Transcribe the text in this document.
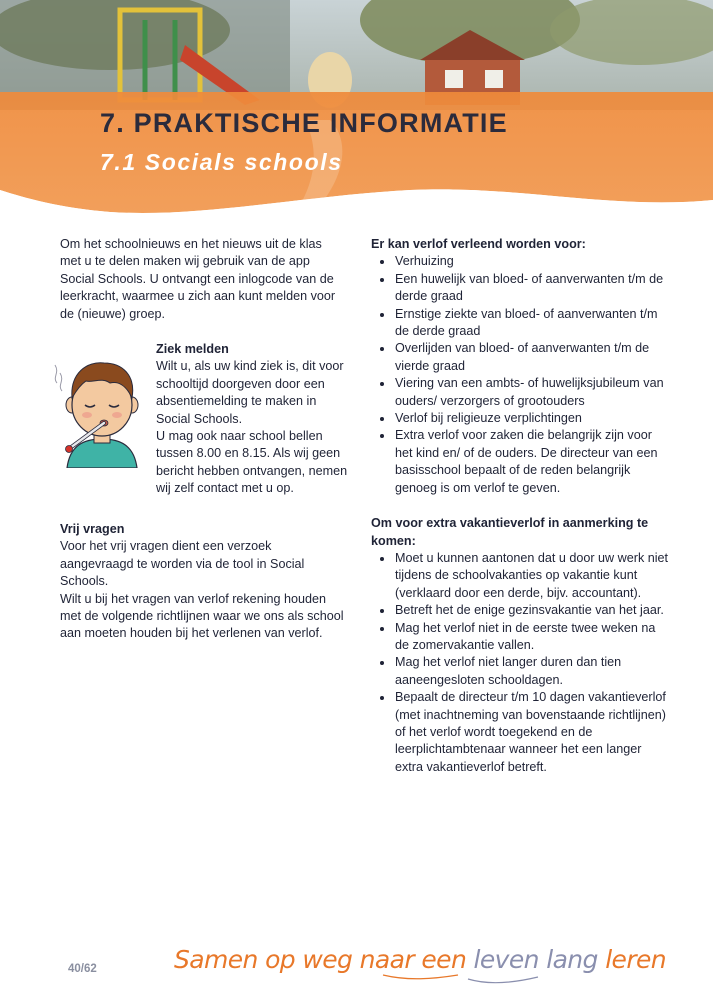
7. PRAKTISCHE INFORMATIE
7.1 Socials schools

Om het schoolnieuws en het nieuws uit de klas met u te delen maken wij gebruik van de app Social Schools. U ontvangt een inlogcode van de leerkracht, waarmee u zich aan kunt melden voor de (nieuwe) groep.

Ziek melden

Wilt u, als uw kind ziek is, dit voor schooltijd doorgeven door een absentiemelding te maken in Social Schools.

U mag ook naar school bellen tussen 8.00 en 8.15. Als wij geen bericht hebben ontvangen, nemen wij zelf contact met u op.

Vrij vragen

Voor het vrij vragen dient een verzoek aangevraagd te worden via de tool in Social Schools.

Wilt u bij het vragen van verlof rekening houden met de volgende richtlijnen waar we ons als school aan moeten houden bij het verlenen van verlof.

Er kan verlof verleend worden voor:

Verhuizing
Een huwelijk van bloed- of aanverwanten t/m de derde graad
Ernstige ziekte van bloed- of aanverwanten t/m de derde graad
Overlijden van bloed- of aanverwanten t/m de vierde graad
Viering van een ambts- of huwelijksjubileum van ouders/ verzorgers of grootouders
Verlof bij religieuze verplichtingen
Extra verlof voor zaken die belangrijk zijn voor het kind en/ of de ouders. De directeur van een basisschool bepaalt of de reden belangrijk genoeg is om verlof te geven.

Om voor extra vakantieverlof in aanmerking te komen:

Moet u kunnen aantonen dat u door uw werk niet tijdens de schoolvakanties op vakantie kunt (verklaard door een derde, bijv. accountant).
Betreft het de enige gezinsvakantie van het jaar.
Mag het verlof niet in de eerste twee weken na de zomervakantie vallen.
Mag het verlof niet langer duren dan tien aaneengesloten schooldagen.
Bepaalt de directeur t/m 10 dagen vakantieverlof (met inachtneming van bovenstaande richtlijnen) of het verlof wordt toegekend en de leerplichtambtenaar wanneer het een langer extra vakantieverlof betreft.
40/62	Samen op weg naar een leven lang leren
